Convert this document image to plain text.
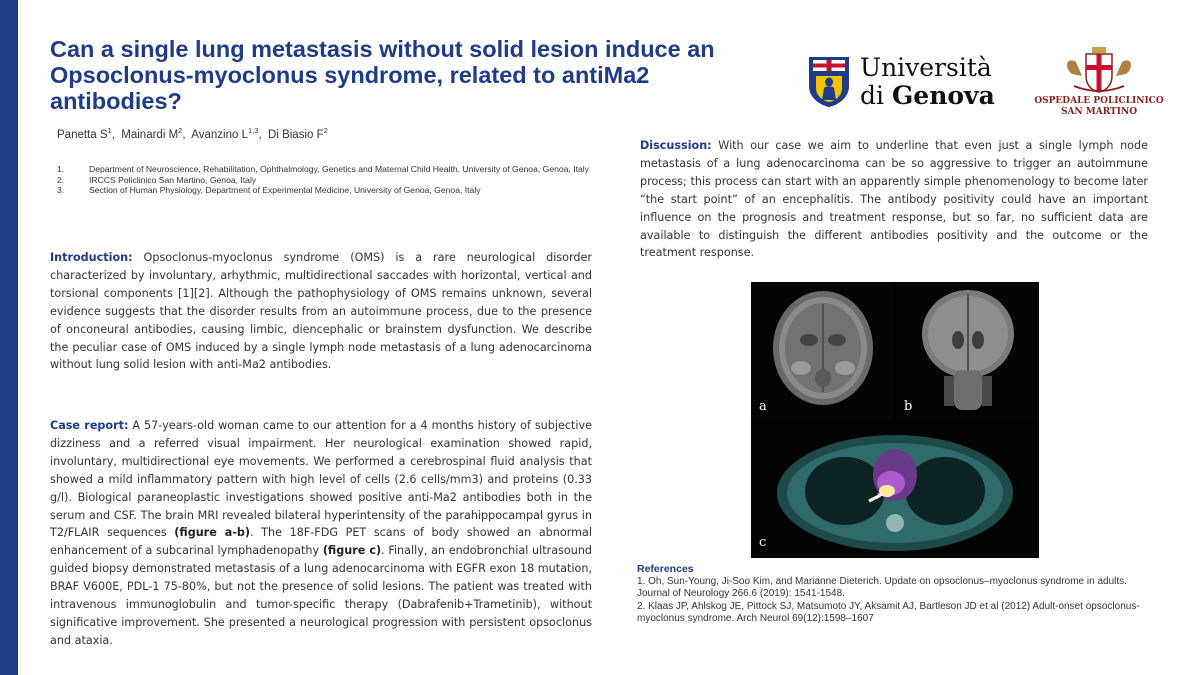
Can a single lung metastasis without solid lesion induce an Opsoclonus-myoclonus syndrome, related to antiMa2 antibodies?
Panetta $S^1$,  Mainardi $M^2$,  Avanzino L$^{1,3}$,  Di Biasio $F^2$
1.	Department of Neuroscience, Rehabilitation, Ophthalmology, Genetics and Maternal Child Health, University of Genoa, Genoa, Italy
2.	IRCCS Policlinico San Martino, Genoa, Italy
3.	Section of Human Physiology, Department of Experimental Medicine, University of Genoa, Genoa, Italy

Introduction: Opsoclonus-myoclonus syndrome (OMS) is a rare neurological disorder characterized by involuntary, arhythmic, multidirectional saccades with horizontal, vertical and torsional components [1][2]. Although the pathophysiology of OMS remains unknown, several evidence suggests that the disorder results from an autoimmune process, due to the presence of onconeural antibodies, causing limbic, diencephalic or brainstem dysfunction. We describe the peculiar case of OMS induced by a single lymph node metastasis of a lung adenocarcinoma without lung solid lesion with anti-Ma2 antibodies.

Case report: A 57-years-old woman came to our attention for a 4 months history of subjective dizziness and a referred visual impairment. Her neurological examination showed rapid, involuntary, multidirectional eye movements. We performed a cerebrospinal fluid analysis that showed a mild inflammatory pattern with high level of cells (2.6 cells/mm3) and proteins (0.33 g/l). Biological paraneoplastic investigations showed positive anti-Ma2 antibodies both in the serum and CSF. The brain MRI revealed bilateral hyperintensity of the parahippocampal gyrus in T2/FLAIR sequences (figure a-b). The 18F-FDG PET scans of body showed an abnormal enhancement of a subcarinal lymphadenopathy (figure c). Finally, an endobronchial ultrasound guided biopsy demonstrated metastasis of a lung adenocarcinoma with EGFR exon 18 mutation, BRAF V600E, PDL-1 75-80%, but not the presence of solid lesions. The patient was treated with intravenous immunoglobulin and tumor-specific therapy (Dabrafenib+Trametinib), without significative improvement. She presented a neurological progression with persistent opsoclonus and ataxia.

Università
di Genova	OSPEDALE POLICLINICO
SAN MARTINO

Discussion: With our case we aim to underline that even just a single lymph node metastasis of a lung adenocarcinoma can be so aggressive to trigger an autoimmune process; this process can start with an apparently simple phenomenology to become later “the start point” of an encephalitis. The antibody positivity could have an important influence on the prognosis and treatment response, but so far, no sufficient data are available to distinguish the different antibodies positivity and the outcome or the treatment response.

a	b
c
References

1. Oh, Sun-Young, Ji-Soo Kim, and Marianne Dieterich. Update on opsoclonus–myoclonus syndrome in adults. Journal of Neurology 266.6 (2019): 1541-1548.

2. Klaas JP, Ahlskog JE, Pittock SJ, Matsumoto JY, Aksamit AJ, Bartleson JD et al (2012) Adult-onset opsoclonus-myoclonus syndrome. Arch Neurol 69(12):1598–1607
